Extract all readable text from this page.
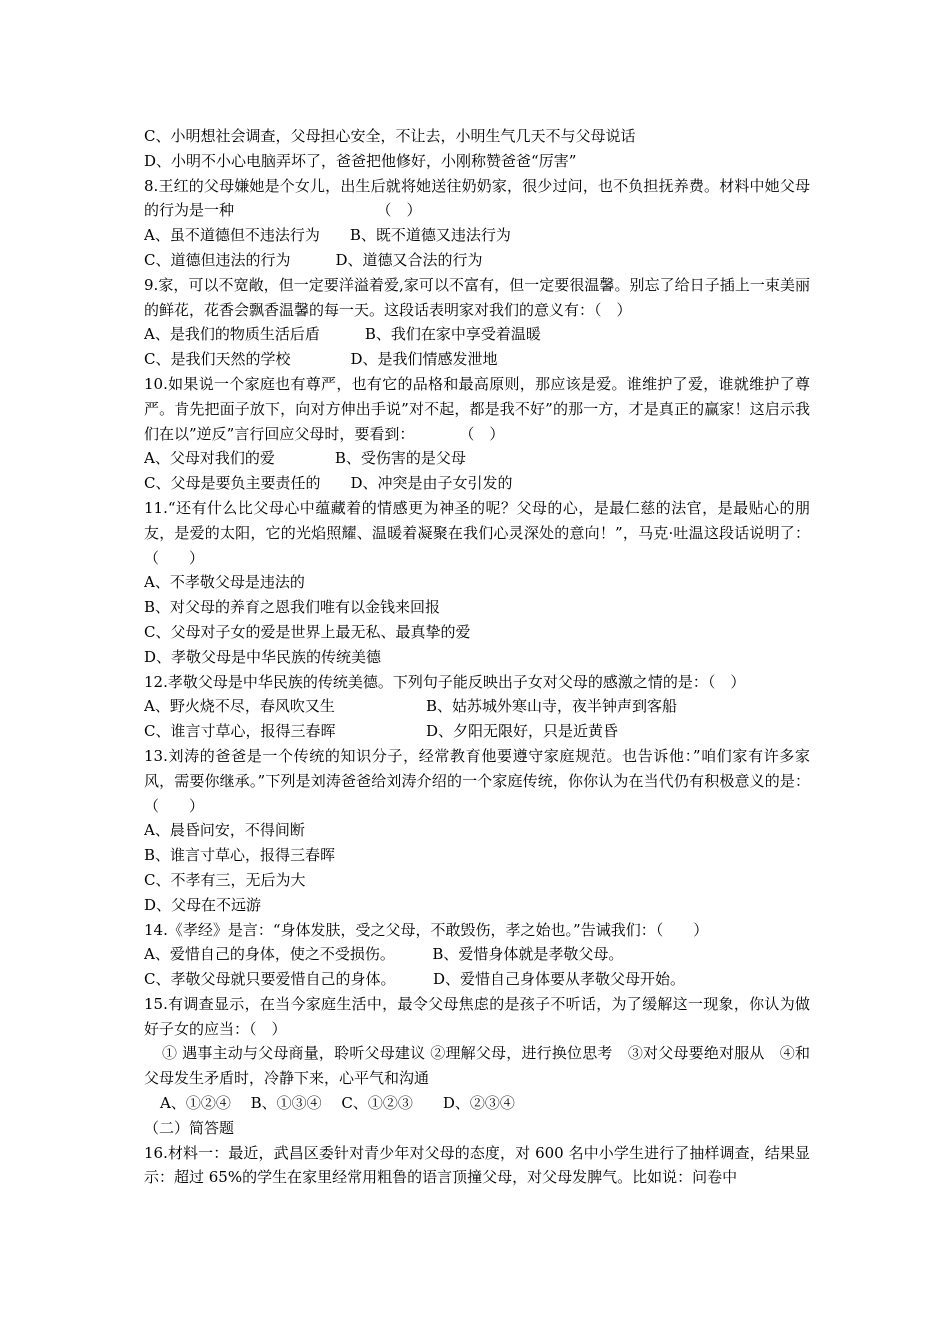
C、小明想社会调查，父母担心安全，不让去，小明生气几天不与父母说话
D、小明不小心电脑弄坏了，爸爸把他修好，小刚称赞爸爸“厉害”
8.王红的父母嫌她是个女儿，出生后就将她送往奶奶家，很少过问，也不负担抚养费。材料中她父母的行为是一种　　　　　　　　　　（　）
A、虽不道德但不违法行为　　B、既不道德又违法行为
C、道德但违法的行为　　　D、道德又合法的行为
9.家，可以不宽敞，但一定要洋溢着爱,家可以不富有，但一定要很温馨。别忘了给日子插上一束美丽的鲜花，花香会飘香温馨的每一天。这段话表明家对我们的意义有：（　）
A、是我们的物质生活后盾　　　B、我们在家中享受着温暖
C、是我们天然的学校　　　　D、是我们情感发泄地
10.如果说一个家庭也有尊严，也有它的品格和最高原则，那应该是爱。谁维护了爱，谁就维护了尊严。肯先把面子放下，向对方伸出手说”对不起，都是我不好”的那一方，才是真正的赢家！这启示我们在以”逆反”言行回应父母时，要看到：　　　　（　）
A、父母对我们的爱　　　　B、受伤害的是父母
C、父母是要负主要责任的　　D、冲突是由子女引发的
11.“还有什么比父母心中蕴藏着的情感更为神圣的呢？父母的心，是最仁慈的法官，是最贴心的朋友，是爱的太阳，它的光焰照耀、温暖着凝聚在我们心灵深处的意向！”，马克·吐温这段话说明了：（　　）
A、不孝敬父母是违法的
B、对父母的养育之恩我们唯有以金钱来回报
C、父母对子女的爱是世界上最无私、最真挚的爱
D、孝敬父母是中华民族的传统美德
12.孝敬父母是中华民族的传统美德。下列句子能反映出子女对父母的感激之情的是：（　）
A、野火烧不尽，春风吹又生	B、姑苏城外寒山寺，夜半钟声到客船
C、谁言寸草心，报得三春晖	D、夕阳无限好，只是近黄昏
13.刘涛的爸爸是一个传统的知识分子，经常教育他要遵守家庭规范。也告诉他：”咱们家有许多家风，需要你继承。”下列是刘涛爸爸给刘涛介绍的一个家庭传统，你你认为在当代仍有积极意义的是：（　　）
A、晨昏问安，不得间断
B、谁言寸草心，报得三春晖
C、不孝有三，无后为大
D、父母在不远游
14.《孝经》是言：“身体发肤，受之父母，不敢毁伤，孝之始也。”告诫我们：（　　）
A、爱惜自己的身体，使之不受损伤。　　　B、爱惜身体就是孝敬父母。
C、孝敬父母就只要爱惜自己的身体。　　　D、爱惜自己身体要从孝敬父母开始。
15.有调查显示，在当今家庭生活中，最令父母焦虑的是孩子不听话，为了缓解这一现象，你认为做好子女的应当：（　）
① 遇事主动与父母商量，聆听父母建议 ②理解父母，进行换位思考　③对父母要绝对服从　④和父母发生矛盾时，冷静下来，心平气和沟通
A、①②④　 B、①③④　 C、①②③　　D、②③④
（二）简答题
16.材料一：最近，武昌区委针对青少年对父母的态度，对 600 名中小学生进行了抽样调查，结果显示：超过 65%的学生在家里经常用粗鲁的语言顶撞父母，对父母发脾气。比如说：问卷中
